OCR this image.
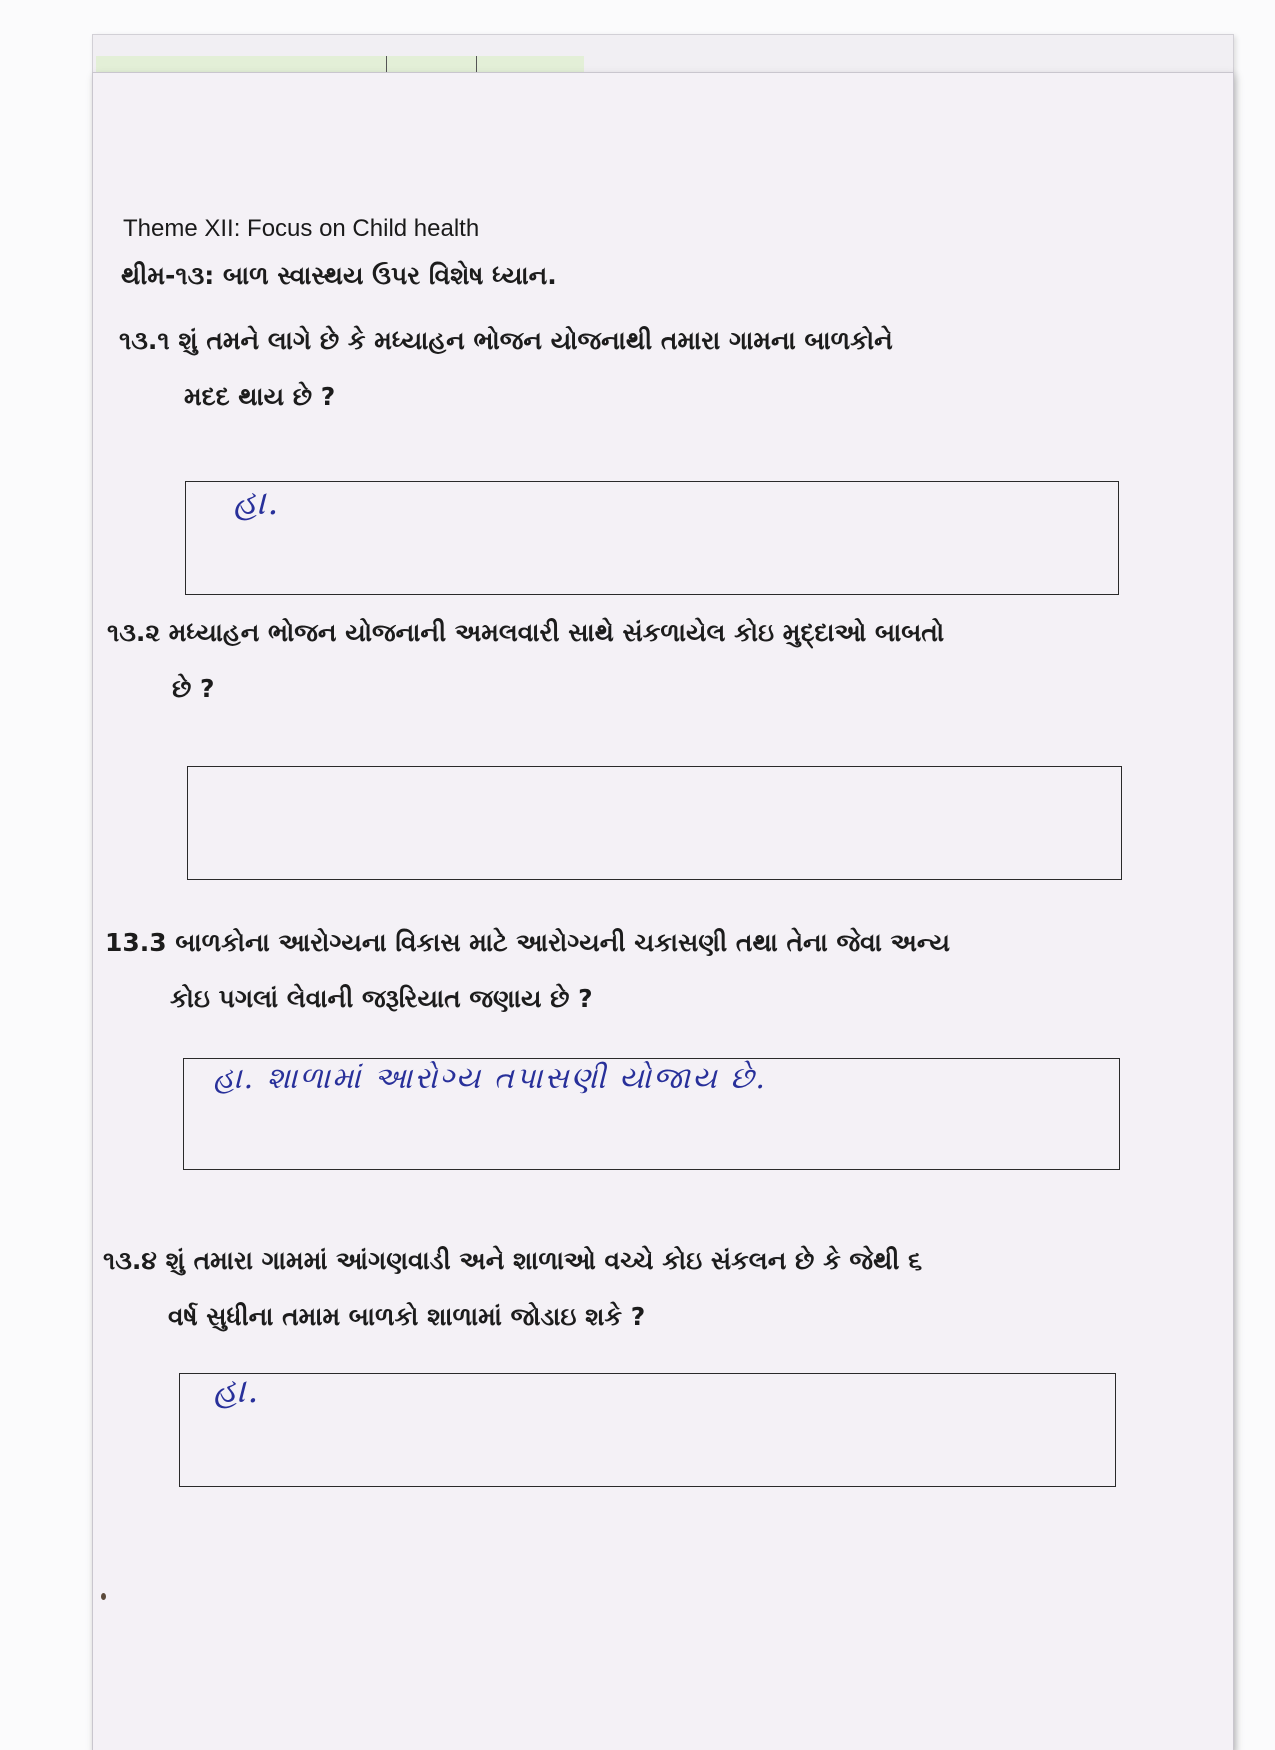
Theme XII: Focus on Child health
થીમ-૧૩: બાળ સ્વાસ્થય ઉપર વિશેષ ધ્યાન.
૧૩.૧ શું તમને લાગે છે કે મધ્યાહન ભોજન યોજનાથી તમારા ગામના બાળકોને
મદદ થાય છે ?
હા.
૧૩.૨ મધ્યાહન ભોજન યોજનાની અમલવારી સાથે સંકળાયેલ કોઇ મુદ્દાઓ બાબતો
છે ?
13.3 બાળકોના આરોગ્યના વિકાસ માટે આરોગ્યની ચકાસણી તથા તેના જેવા અન્ય
કોઇ પગલાં લેવાની જરૂરિયાત જણાય છે ?
હા. શાળામાં આરોગ્ય તપાસણી યોજાય છે.
૧૩.૪ શું તમારા ગામમાં આંગણવાડી અને શાળાઓ વચ્ચે કોઇ સંકલન છે કે જેથી ૬
વર્ષ સુધીના તમામ બાળકો શાળામાં જોડાઇ શકે ?
હા.
